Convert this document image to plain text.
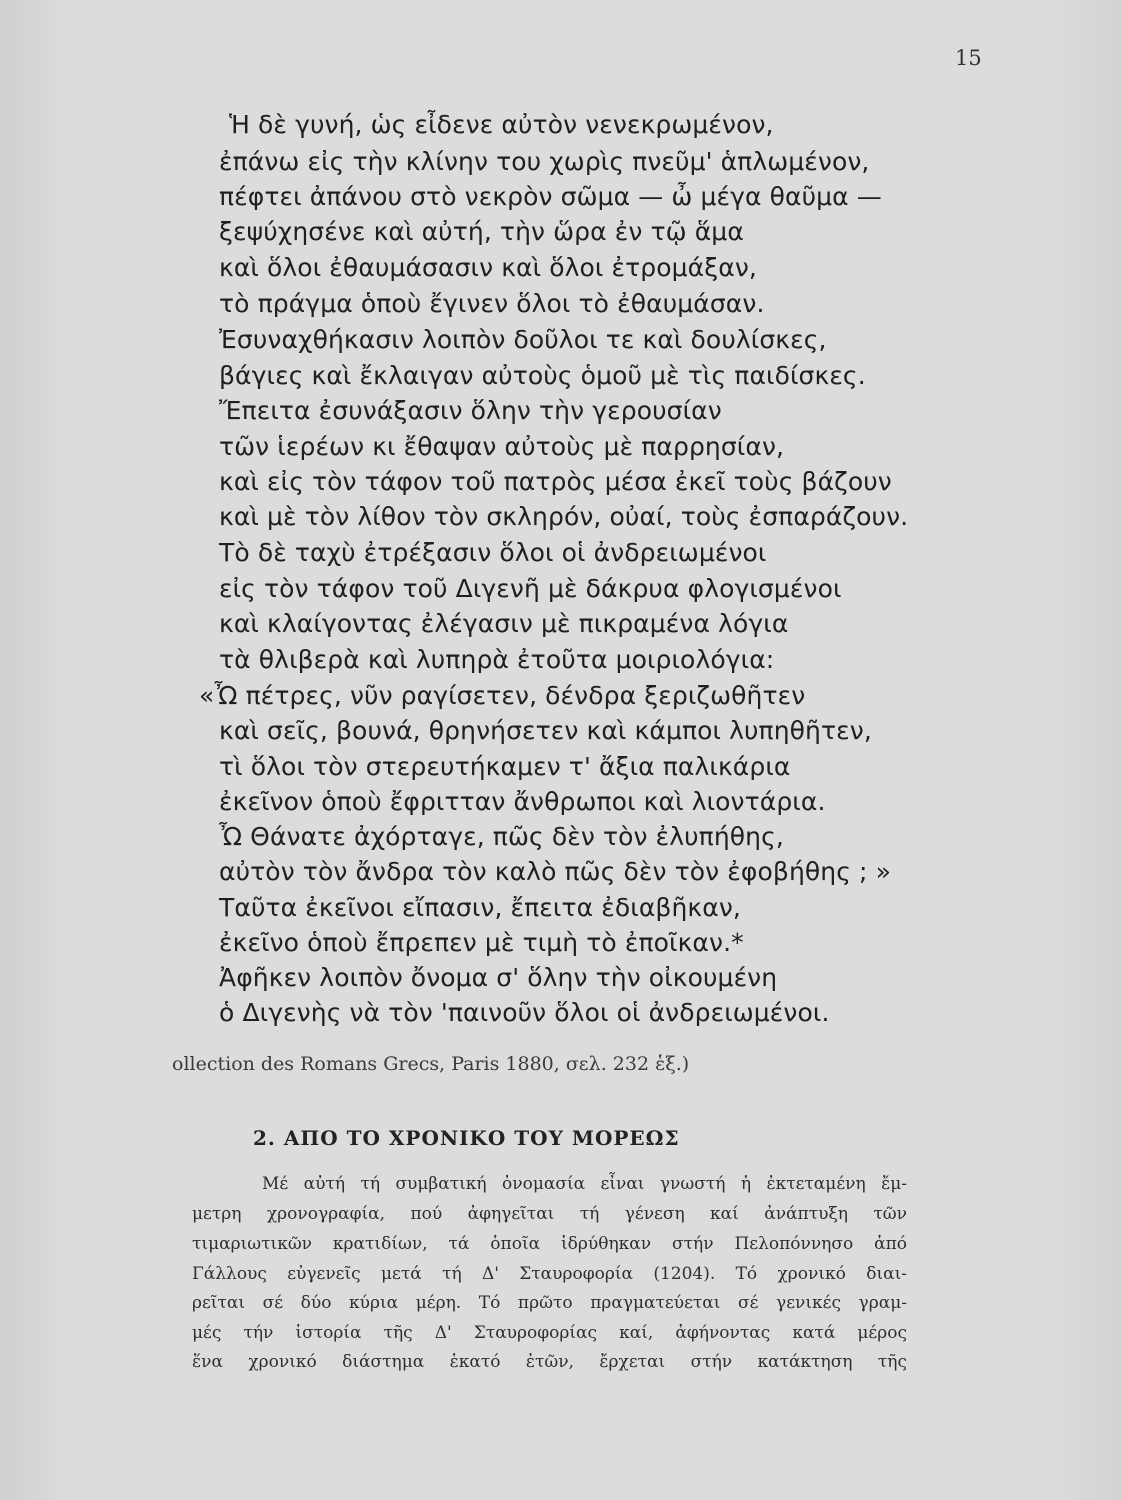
15
Ἡ δὲ γυνή, ὡς εἶδενε αὐτὸν νενεκρωμένον,
ἐπάνω εἰς τὴν κλίνην του χωρὶς πνεῦμ' ἁπλωμένον,
πέφτει ἀπάνου στὸ νεκρὸν σῶμα — ὦ μέγα θαῦμα —
ξεψύχησένε καὶ αὐτή, τὴν ὥρα ἐν τῷ ἅμα
καὶ ὅλοι ἐθαυμάσασιν καὶ ὅλοι ἐτρομάξαν,
τὸ πράγμα ὁποὺ ἔγινεν ὅλοι τὸ ἐθαυμάσαν.
Ἐσυναχθήκασιν λοιπὸν δοῦλοι τε καὶ δουλίσκες,
βάγιες καὶ ἔκλαιγαν αὐτοὺς ὁμοῦ μὲ τὶς παιδίσκες.
Ἔπειτα ἐσυνάξασιν ὅλην τὴν γερουσίαν
τῶν ἱερέων κι ἔθαψαν αὐτοὺς μὲ παρρησίαν,
καὶ εἰς τὸν τάφον τοῦ πατρὸς μέσα ἐκεῖ τοὺς βάζουν
καὶ μὲ τὸν λίθον τὸν σκληρόν, οὐαί, τοὺς ἐσπαράζουν.
Τὸ δὲ ταχὺ ἐτρέξασιν ὅλοι οἱ ἀνδρειωμένοι
εἰς τὸν τάφον τοῦ Διγενῆ μὲ δάκρυα φλογισμένοι
καὶ κλαίγοντας ἐλέγασιν μὲ πικραμένα λόγια
τὰ θλιβερὰ καὶ λυπηρὰ ἐτοῦτα μοιριολόγια:
«Ὦ πέτρες, νῦν ραγίσετεν, δένδρα ξεριζωθῆτεν
καὶ σεῖς, βουνά, θρηνήσετεν καὶ κάμποι λυπηθῆτεν,
τὶ ὅλοι τὸν στερευτήκαμεν τ' ἄξια παλικάρια
ἐκεῖνον ὁποὺ ἔφριτταν ἄνθρωποι καὶ λιοντάρια.
Ὦ Θάνατε ἀχόρταγε, πῶς δὲν τὸν ἐλυπήθης,
αὐτὸν τὸν ἄνδρα τὸν καλὸ πῶς δὲν τὸν ἐφοβήθης ; »
Ταῦτα ἐκεῖνοι εἴπασιν, ἔπειτα ἐδιαβῆκαν,
ἐκεῖνο ὁποὺ ἔπρεπεν μὲ τιμὴ τὸ ἐποῖκαν.*
Ἀφῆκεν λοιπὸν ὄνομα σ' ὅλην τὴν οἰκουμένη
ὁ Διγενὴς νὰ τὸν 'παινοῦν ὅλοι οἱ ἀνδρειωμένοι.
ollection des Romans Grecs, Paris 1880, σελ. 232 ἑξ.)
2. ΑΠΟ ΤΟ ΧΡΟΝΙΚΟ ΤΟΥ ΜΟΡΕΩΣ
Μέ αὐτή τή συμβατική ὀνομασία εἶναι γνωστή ἡ ἐκτεταμένη ἔμ-
μετρη χρονογραφία, πού ἀφηγεῖται τή γένεση καί ἀνάπτυξη τῶν
τιμαριωτικῶν κρατιδίων, τά ὁποῖα ἱδρύθηκαν στήν Πελοπόννησο ἀπό
Γάλλους εὐγενεῖς μετά τή Δ' Σταυροφορία (1204). Τό χρονικό διαι-
ρεῖται σέ δύο κύρια μέρη. Τό πρῶτο πραγματεύεται σέ γενικές γραμ-
μές τήν ἱστορία τῆς Δ' Σταυροφορίας καί, ἀφήνοντας κατά μέρος
ἕνα χρονικό διάστημα ἑκατό ἐτῶν, ἔρχεται στήν κατάκτηση τῆς
